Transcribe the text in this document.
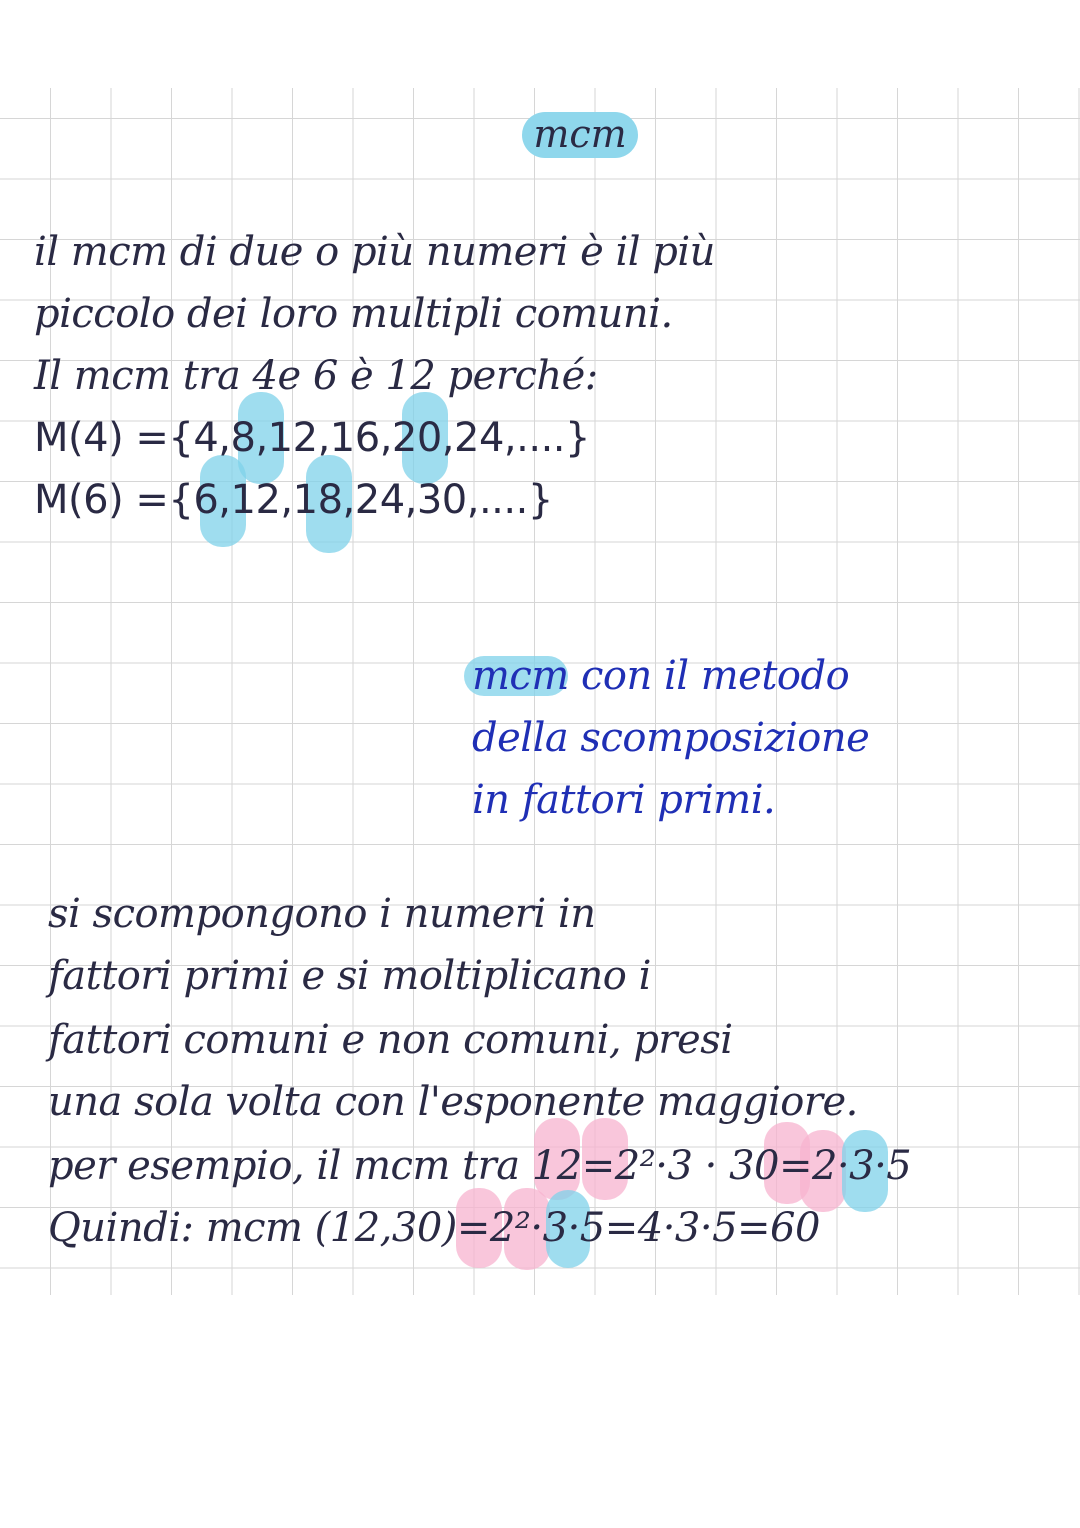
mcm
il mcm di due o più numeri è il più
piccolo dei loro multipli comuni.
Il mcm tra 4e 6 è 12 perché:
M(4) ={4,8,12,16,20,24,....}
M(6) ={6,12,18,24,30,....}
mcm con il metodo
della scomposizione
in fattori primi.
si scompongono i numeri in
fattori primi e si moltiplicano i
fattori comuni e non comuni, presi
una sola volta con l'esponente maggiore.
per esempio, il mcm tra 12=2²·3 · 30=2·3·5
Quindi: mcm (12,30)=2²·3·5=4·3·5=60
